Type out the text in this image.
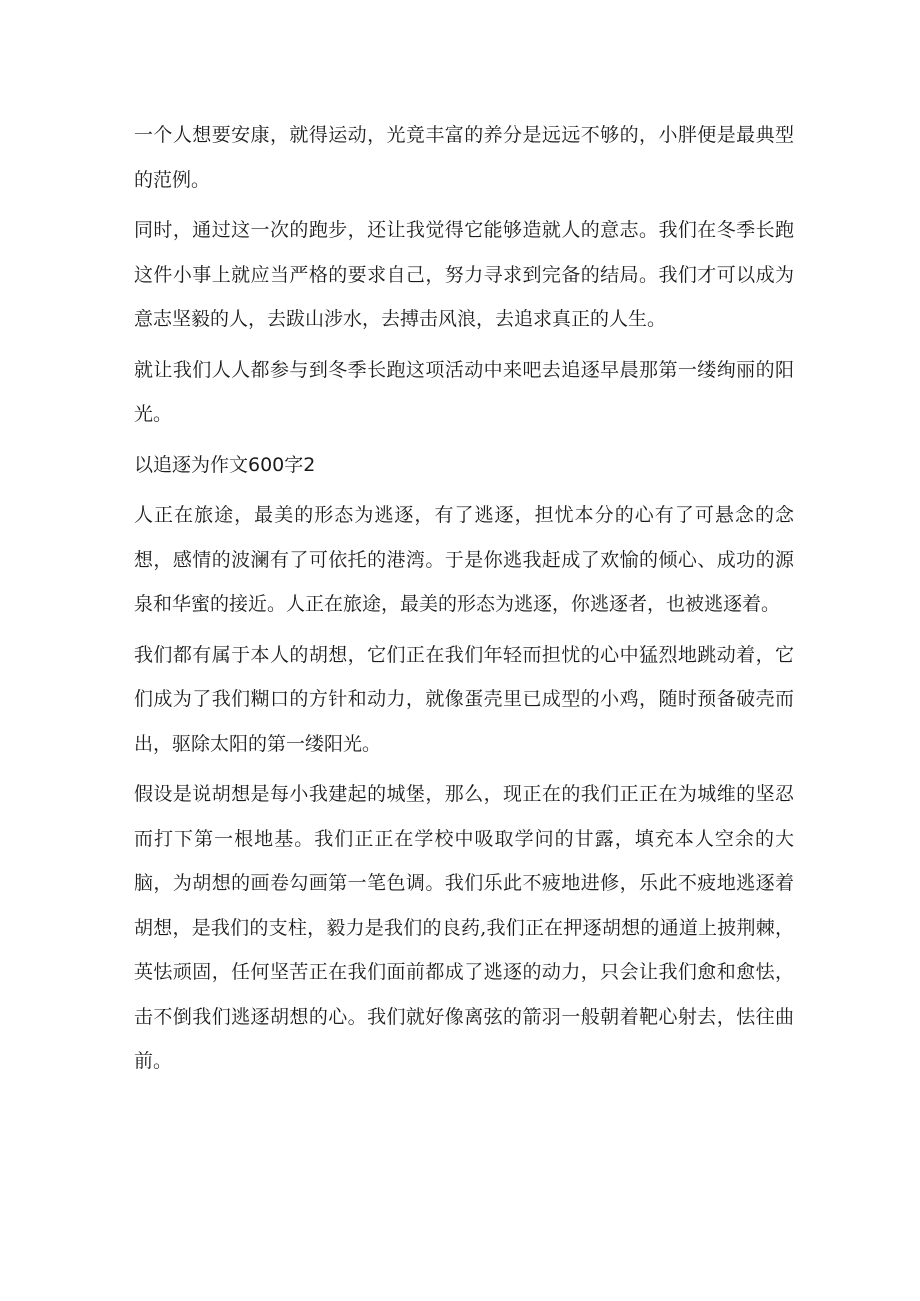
一个人想要安康，就得运动，光竟丰富的养分是远远不够的，小胖便是最典型的范例。

同时，通过这一次的跑步，还让我觉得它能够造就人的意志。我们在冬季长跑这件小事上就应当严格的要求自己，努力寻求到完备的结局。我们才可以成为意志坚毅的人，去跋山涉水，去搏击风浪，去追求真正的人生。

就让我们人人都参与到冬季长跑这项活动中来吧去追逐早晨那第一缕绚丽的阳光。

以追逐为作文600字2

人正在旅途，最美的形态为逃逐，有了逃逐，担忧本分的心有了可悬念的念想，感情的波澜有了可依托的港湾。于是你逃我赶成了欢愉的倾心、成功的源泉和华蜜的接近。人正在旅途，最美的形态为逃逐，你逃逐者，也被逃逐着。

我们都有属于本人的胡想，它们正在我们年轻而担忧的心中猛烈地跳动着，它们成为了我们糊口的方针和动力，就像蛋壳里已成型的小鸡，随时预备破壳而出，驱除太阳的第一缕阳光。

假设是说胡想是每小我建起的城堡，那么，现正在的我们正正在为城维的坚忍而打下第一根地基。我们正正在学校中吸取学问的甘露，填充本人空余的大脑，为胡想的画卷勾画第一笔色调。我们乐此不疲地进修，乐此不疲地逃逐着胡想，是我们的支柱，毅力是我们的良药,我们正在押逐胡想的通道上披荆棘，英怯顽固，任何坚苦正在我们面前都成了逃逐的动力，只会让我们愈和愈怯，击不倒我们逃逐胡想的心。我们就好像离弦的箭羽一般朝着靶心射去，怯往曲前。
